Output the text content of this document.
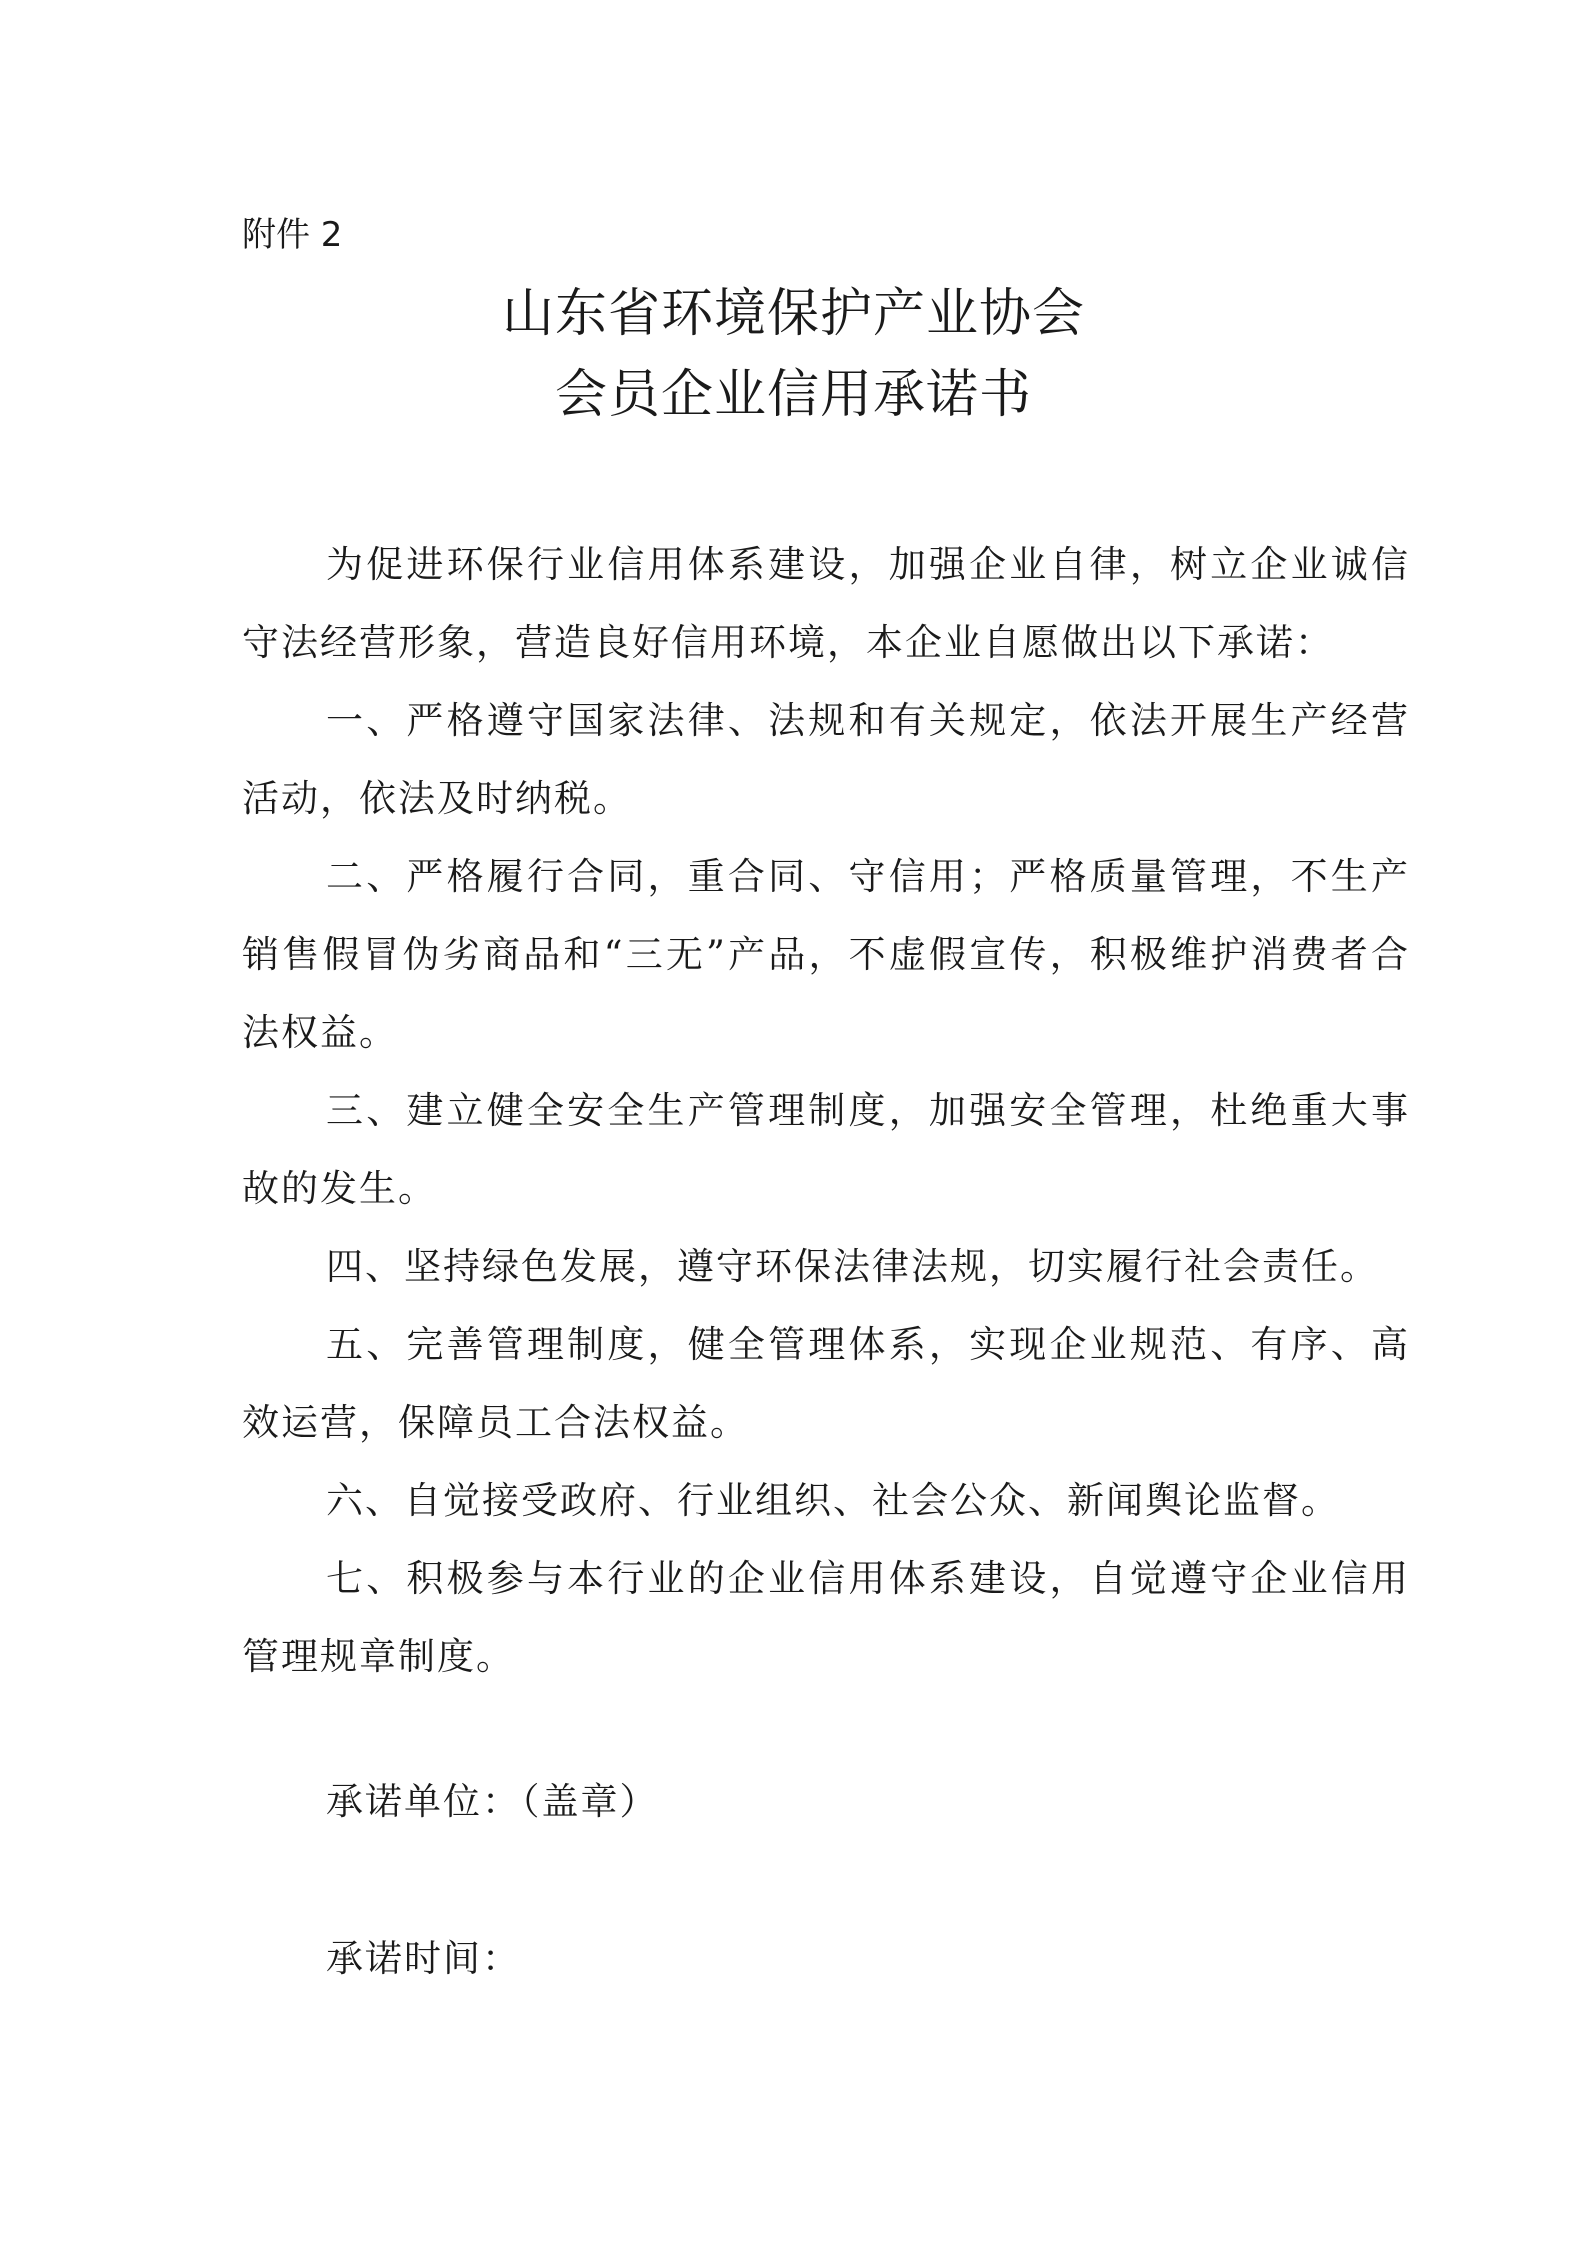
附件 2
山东省环境保护产业协会
会员企业信用承诺书

为促进环保行业信用体系建设，加强企业自律，树立企业诚信守法经营形象，营造良好信用环境，本企业自愿做出以下承诺：

一、严格遵守国家法律、法规和有关规定，依法开展生产经营活动，依法及时纳税。

二、严格履行合同，重合同、守信用；严格质量管理，不生产销售假冒伪劣商品和“三无”产品，不虚假宣传，积极维护消费者合法权益。

三、建立健全安全生产管理制度，加强安全管理，杜绝重大事故的发生。

四、坚持绿色发展，遵守环保法律法规，切实履行社会责任。

五、完善管理制度，健全管理体系，实现企业规范、有序、高效运营，保障员工合法权益。

六、自觉接受政府、行业组织、社会公众、新闻舆论监督。

七、积极参与本行业的企业信用体系建设，自觉遵守企业信用管理规章制度。

承诺单位：（盖章）
承诺时间：
